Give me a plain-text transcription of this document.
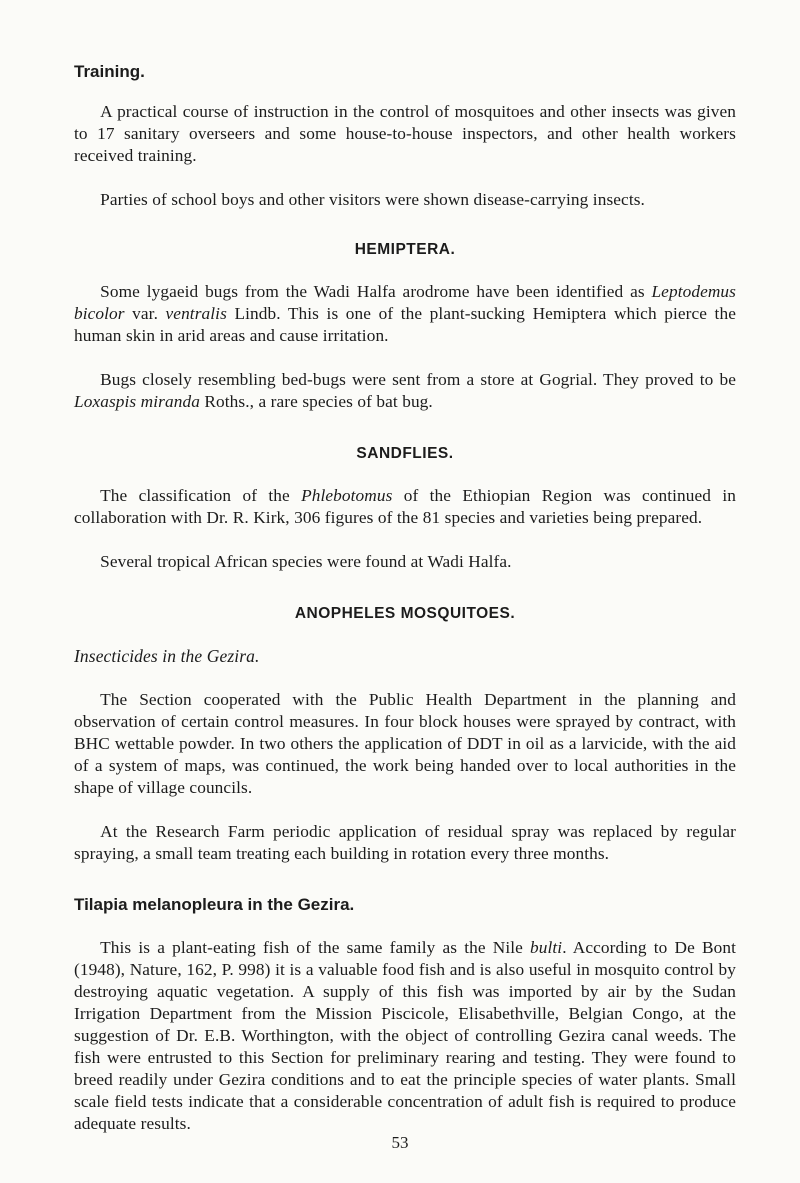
Training.

  A practical course of instruction in the control of mosquitoes and other insects was given to 17 sanitary overseers and some house-to-house inspectors, and other health workers received training.

  Parties of school boys and other visitors were shown disease-carrying insects.

HEMIPTERA.

  Some lygaeid bugs from the Wadi Halfa arodrome have been identified as Leptodemus bicolor var. ventralis Lindb. This is one of the plant-sucking Hemiptera which pierce the human skin in arid areas and cause irritation.

  Bugs closely resembling bed-bugs were sent from a store at Gogrial. They proved to be Loxaspis miranda Roths., a rare species of bat bug.

SANDFLIES.

  The classification of the Phlebotomus of the Ethiopian Region was continued in collaboration with Dr. R. Kirk, 306 figures of the 81 species and varieties being prepared.

  Several tropical African species were found at Wadi Halfa.

ANOPHELES MOSQUITOES.

Insecticides in the Gezira.

  The Section cooperated with the Public Health Department in the planning and observation of certain control measures. In four block houses were sprayed by contract, with BHC wettable powder. In two others the application of DDT in oil as a larvicide, with the aid of a system of maps, was continued, the work being handed over to local authorities in the shape of village councils.

  At the Research Farm periodic application of residual spray was replaced by regular spraying, a small team treating each building in rotation every three months.

Tilapia melanopleura in the Gezira.

  This is a plant-eating fish of the same family as the Nile bulti. According to De Bont (1948), Nature, 162, P. 998) it is a valuable food fish and is also useful in mosquito control by destroying aquatic vegetation. A supply of this fish was imported by air by the Sudan Irrigation Department from the Mission Piscicole, Elisabethville, Belgian Congo, at the suggestion of Dr. E.B. Worthington, with the object of controlling Gezira canal weeds. The fish were entrusted to this Section for preliminary rearing and testing. They were found to breed readily under Gezira conditions and to eat the principle species of water plants. Small scale field tests indicate that a considerable concentration of adult fish is required to produce adequate results.

53
